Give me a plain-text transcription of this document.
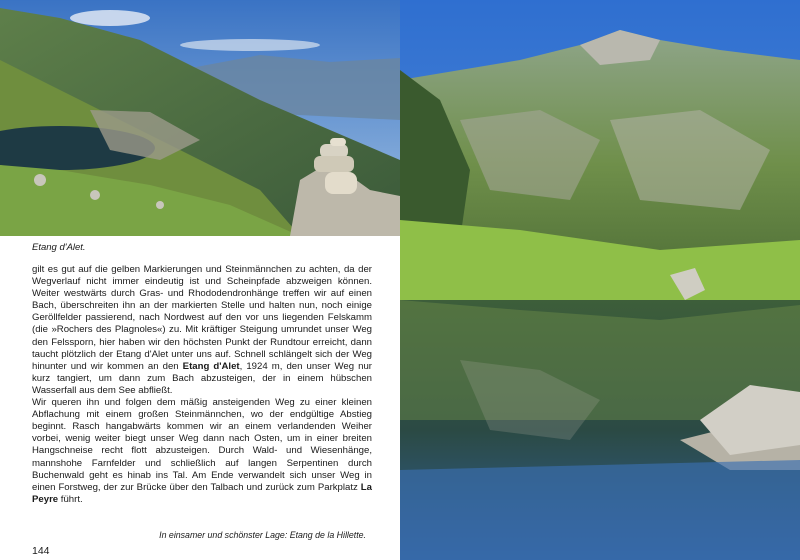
Etang d'Alet.

gilt es gut auf die gelben Markierungen und Steinmännchen zu achten, da der Wegverlauf nicht immer eindeutig ist und Scheinpfade abzweigen können. Weiter westwärts durch Gras- und Rhododendronhänge treffen wir auf einen Bach, überschreiten ihn an der markierten Stelle und halten nun, noch einige Geröllfelder passierend, nach Nordwest auf den vor uns liegenden Felskamm (die »Rochers des Plagnoles«) zu. Mit kräftiger Steigung umrundet unser Weg den Felssporn, hier haben wir den höchsten Punkt der Rundtour erreicht, dann taucht plötzlich der Etang d'Alet unter uns auf. Schnell schlängelt sich der Weg hinunter und wir kommen an den Etang d'Alet, 1924 m, den unser Weg nur kurz tangiert, um dann zum Bach abzusteigen, der in einem hübschen Wasserfall aus dem See abfließt.

Wir queren ihn und folgen dem mäßig ansteigenden Weg zu einer kleinen Abflachung mit einem großen Steinmännchen, wo der endgültige Abstieg beginnt. Rasch hangabwärts kommen wir an einem verlandenden Weiher vorbei, wenig weiter biegt unser Weg dann nach Osten, um in einer breiten Hangschneise recht flott abzusteigen. Durch Wald- und Wiesenhänge, mannshohe Farnfelder und schließlich auf langen Serpentinen durch Buchenwald geht es hinab ins Tal. Am Ende verwandelt sich unser Weg in einen Forstweg, der zur Brücke über den Talbach und zurück zum Parkplatz La Peyre führt.

In einsamer und schönster Lage: Etang de la Hillette.
144
